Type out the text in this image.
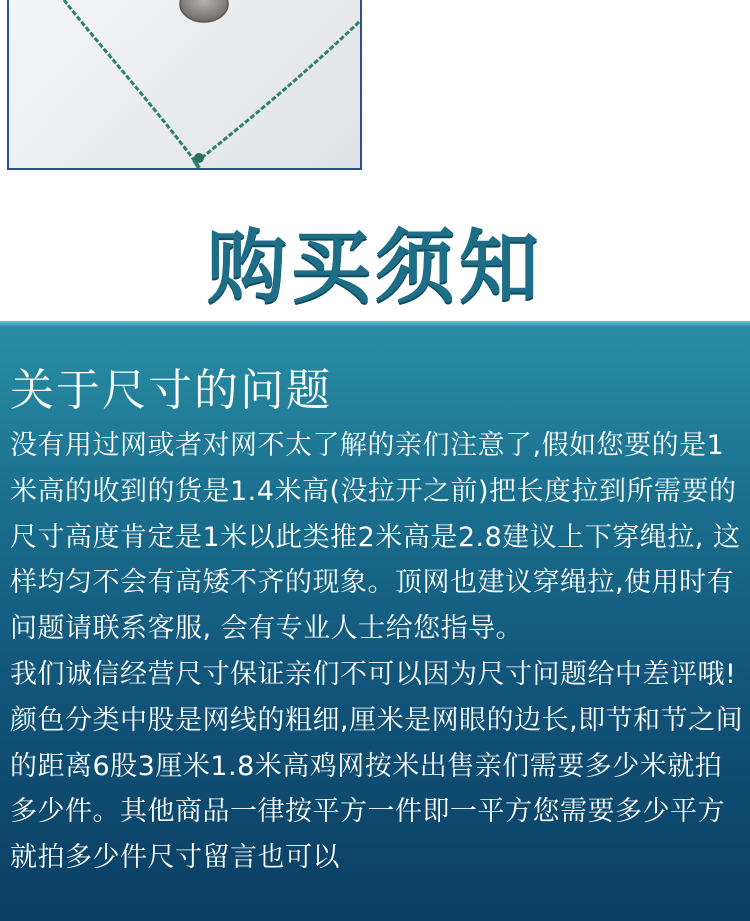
购买须知
关于尺寸的问题

没有用过网或者对网不太了解的亲们注意了,假如您要的是1米高的收到的货是1.4米高(没拉开之前)把长度拉到所需要的尺寸高度肯定是1米以此类推2米高是2.8建议上下穿绳拉, 这样均匀不会有高矮不齐的现象。顶网也建议穿绳拉,使用时有问题请联系客服, 会有专业人士给您指导。

我们诚信经营尺寸保证亲们不可以因为尺寸问题给中差评哦!颜色分类中股是网线的粗细,厘米是网眼的边长,即节和节之间的距离6股3厘米1.8米高鸡网按米出售亲们需要多少米就拍多少件。其他商品一律按平方一件即一平方您需要多少平方就拍多少件尺寸留言也可以
